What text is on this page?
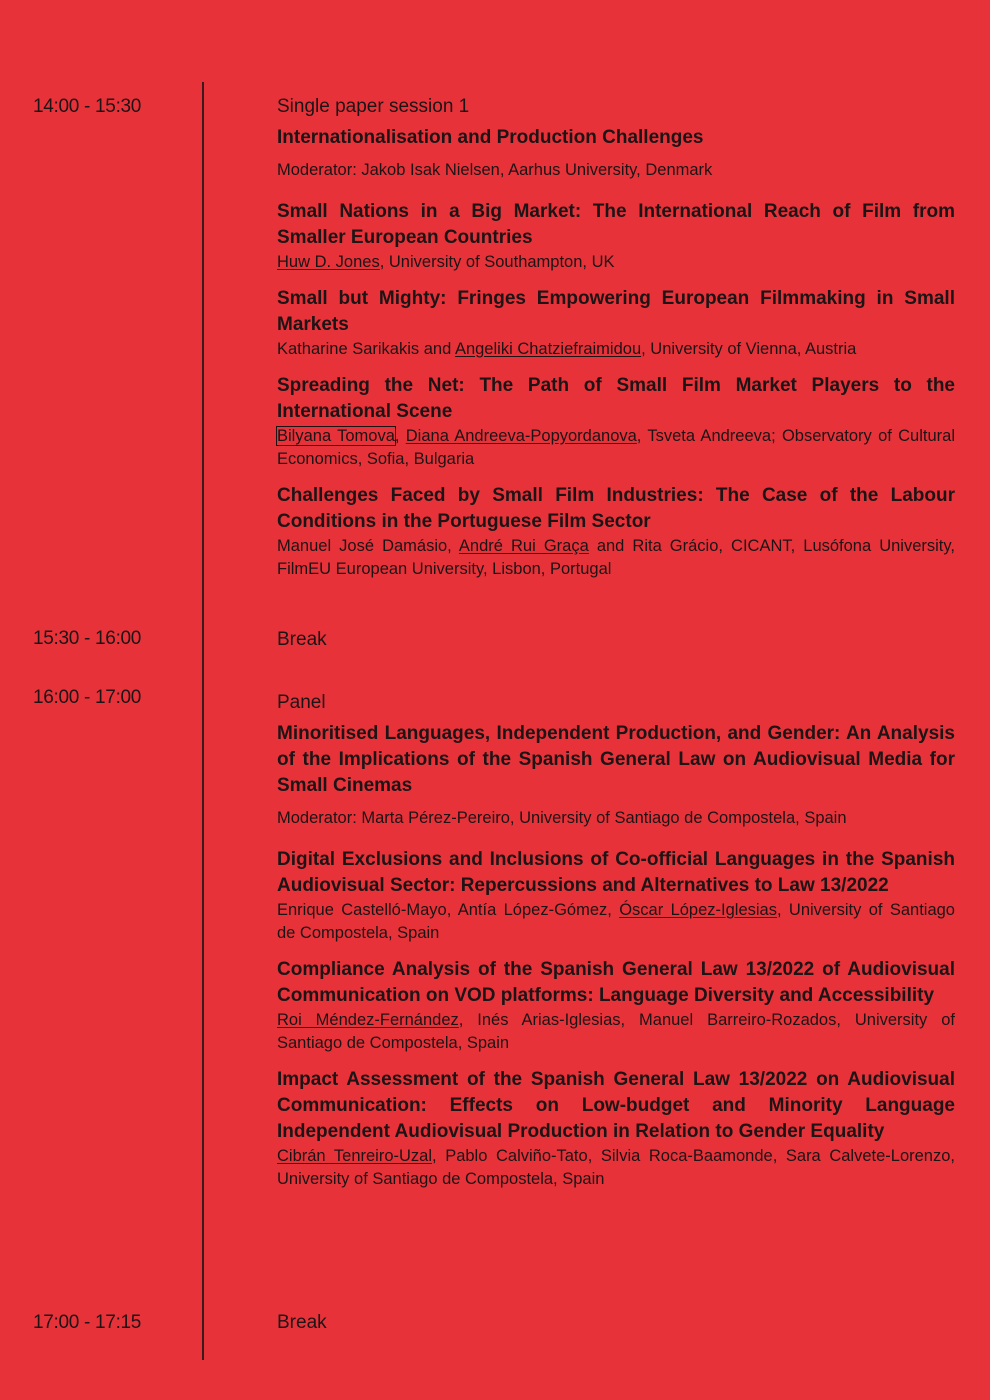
14:00 - 15:30	Single paper session 1
Internationalisation and Production Challenges
Moderator: Jakob Isak Nielsen, Aarhus University, Denmark
Small Nations in a Big Market: The International Reach of Film from Smaller European Countries
Huw D. Jones, University of Southampton, UK
Small but Mighty: Fringes Empowering European Filmmaking in Small Markets
Katharine Sarikakis and Angeliki Chatziefraimidou, University of Vienna, Austria
Spreading the Net: The Path of Small Film Market Players to the International Scene
Bilyana Tomova, Diana Andreeva-Popyordanova, Tsveta Andreeva; Observatory of Cultural Economics, Sofia, Bulgaria
Challenges Faced by Small Film Industries: The Case of the Labour Conditions in the Portuguese Film Sector
Manuel José Damásio, André Rui Graça and Rita Grácio, CICANT, Lusófona University, FilmEU European University, Lisbon, Portugal
15:30 - 16:00	Break
16:00 - 17:00	Panel
Minoritised Languages, Independent Production, and Gender: An Analysis of the Implications of the Spanish General Law on Audiovisual Media for Small Cinemas
Moderator: Marta Pérez-Pereiro, University of Santiago de Compostela, Spain
Digital Exclusions and Inclusions of Co-official Languages in the Spanish Audiovisual Sector: Repercussions and Alternatives to Law 13/2022
Enrique Castelló-Mayo, Antía López-Gómez, Óscar López-Iglesias, University of Santiago de Compostela, Spain
Compliance Analysis of the Spanish General Law 13/2022 of Audiovisual Communication on VOD platforms: Language Diversity and Accessibility
Roi Méndez-Fernández, Inés Arias-Iglesias, Manuel Barreiro-Rozados, University of Santiago de Compostela, Spain
Impact Assessment of the Spanish General Law 13/2022 on Audiovisual Communication: Effects on Low-budget and Minority Language Independent Audiovisual Production in Relation to Gender Equality
Cibrán Tenreiro-Uzal, Pablo Calviño-Tato, Silvia Roca-Baamonde, Sara Calvete-Lorenzo, University of Santiago de Compostela, Spain
17:00 - 17:15	Break
